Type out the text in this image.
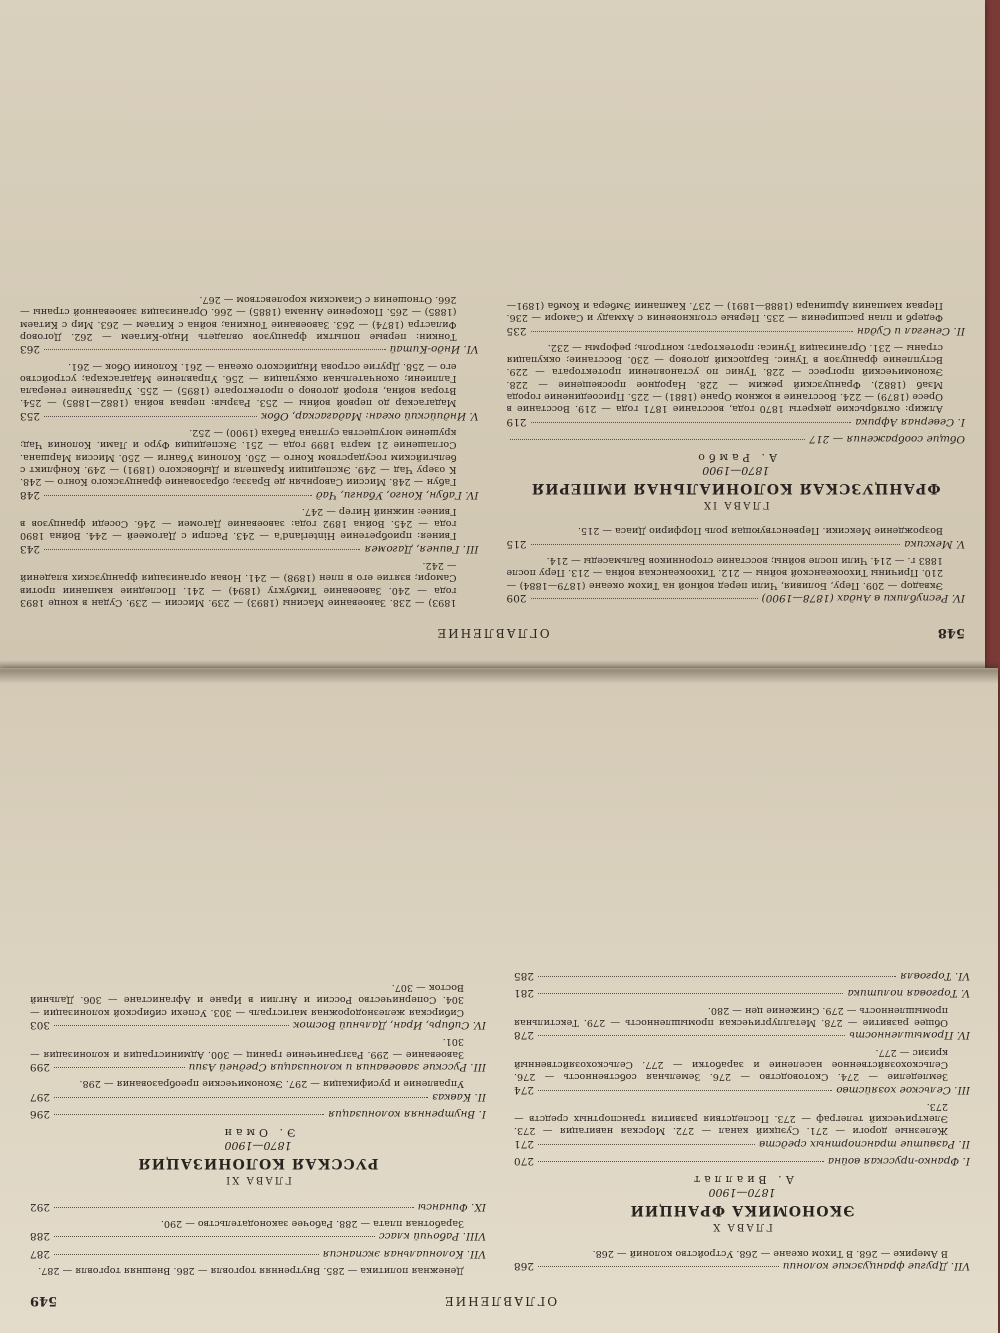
548
ОГЛАВЛЕНИЕ
IV. Республики в Андах (1878—1900)
209
Эквадор — 209. Перу, Боливия, Чили перед войной на Тихом океане (1879—1884) — 210. Причины Тихоокеанской войны — 212. Тихоокеанская война — 213. Перу после 1883 г. — 214. Чили после войны; восстание сторонников Бальмаседы — 214.
V. Мексика
215
Возрождение Мексики. Первенствующая роль Порфирио Диаса — 215.
ГЛАВА IX
ФРАНЦУЗСКАЯ КОЛОНИАЛЬНАЯ ИМПЕРИЯ
1870—1900
А. Рамбо
Общие соображения — 217
I. Северная Африка
219
Алжир: октябрьские декреты 1870 года, восстание 1871 года — 219. Восстание в Оресе (1879) — 224. Восстание в южном Оране (1881) — 225. Присоединение города Мзаб (1882). Французский режим — 228. Народное просвещение — 228. Экономический прогресс — 228. Тунис по установлении протектората — 229. Вступление французов в Тунис. Бардоский договор — 230. Восстание; оккупация страны — 231. Организация Туниса: протекторат; контроль; реформы — 232.
II. Сенегал и Судан
235
Федерб и план расширения — 235. Первые столкновения с Ахмаду и Самори — 236. Первая кампания Аршинара (1888—1891) — 237. Кампании Эмбера и Комба (1891—1893) — 238. Завоевание Масины (1893) — 239. Миссии — 239. Судан в конце 1893 года — 240. Завоевание Тимбукту (1894) — 241. Последние кампании против Самори; взятие его в плен (1898) — 241. Новая организация французских владений — 242.
III. Гвинея, Дагомея
243
Гвинея: приобретение Hinterland'а — 243. Распри с Дагомеей — 244. Война 1890 года — 245. Война 1892 года: завоевание Дагомеи — 246. Соседи французов в Гвинее: нижний Нигер — 247.
IV. Габун, Конго, Убанги, Чад
248
Габун — 248. Миссии Саворньян де Бразза; образование французского Конго — 248. К озеру Чад — 249. Экспедиции Крампеля и Дыбовского (1891) — 249. Конфликт с бельгийским государством Конго — 250. Колония Убанги — 250. Миссия Маршана. Соглашение 21 марта 1899 года — 251. Экспедиция Фуро и Лами. Колония Чад; крушение могущества султана Рабаха (1900) — 252.
V. Индийский океан: Мадагаскар, Обок
253
Мадагаскар до первой войны — 253. Разрыв: первая война (1882—1885) — 254. Вторая война, второй договор о протекторате (1895) — 255. Управление генерала Галлиени; окончательная оккупация — 256. Управление Мадагаскара; устройство его — 258. Другие острова Индийского океана — 261. Колонии Обок — 261.
VI. Индо-Китай
263
Тонкин: первые попытки французов овладеть Индо-Китаем — 262. Договор Филастра (1874) — 263. Завоевание Тонкина; война с Китаем — 263. Мир с Китаем (1885) — 265. Покорение Аннама (1885) — 266. Организация завоеванной страны — 266. Отношения с Сиамским королевством — 267.
549	ОГЛАВЛЕНИЕ
VII. Другие французские колонии
268
В Америке — 268. В Тихом океане — 268. Устройство колоний — 268.
ГЛАВА X
ЭКОНОМИКА ФРАНЦИИ
1870—1900
А. Виаллат
I. Франко-прусская война
270
II. Развитие транспортных средств
271
Железные дороги — 271. Суэцкий канал — 272. Морская навигация — 273. Электрический телеграф — 273. Последствия развития транспортных средств — 273.
III. Сельское хозяйство
274
Земледелие — 274. Скотоводство — 276. Земельная собственность — 276. Сельскохозяйственное население и заработки — 277. Сельскохозяйственный кризис — 277.
IV. Промышленность
278
Общее развитие — 278. Металлургическая промышленность — 279. Текстильная промышленность — 279. Снижение цен — 280.
V. Торговая политика
281
VI. Торговля
285
Денежная политика — 285. Внутренняя торговля — 286. Внешняя торговля — 287.
VII. Колониальная экспансия
287
VIII. Рабочий класс
288
Заработная плата — 288. Рабочее законодательство — 290.
IX. Финансы
292
ГЛАВА XI
РУССКАЯ КОЛОНИЗАЦИЯ
1870—1900
Э. Оман
I. Внутренняя колонизация
296
II. Кавказ
297
Управление и русификация — 297. Экономические преобразования — 298.
III. Русские завоевания и колонизация Средней Азии
299
Завоевание — 299. Разграничение границ — 300. Администрация и колонизация — 301.
IV. Сибирь, Иран, Дальний Восток
303
Сибирская железнодорожная магистраль — 303. Успехи сибирской колонизации — 304. Соперничество России и Англии в Иране и Афганистане — 306. Дальний Восток — 307.
